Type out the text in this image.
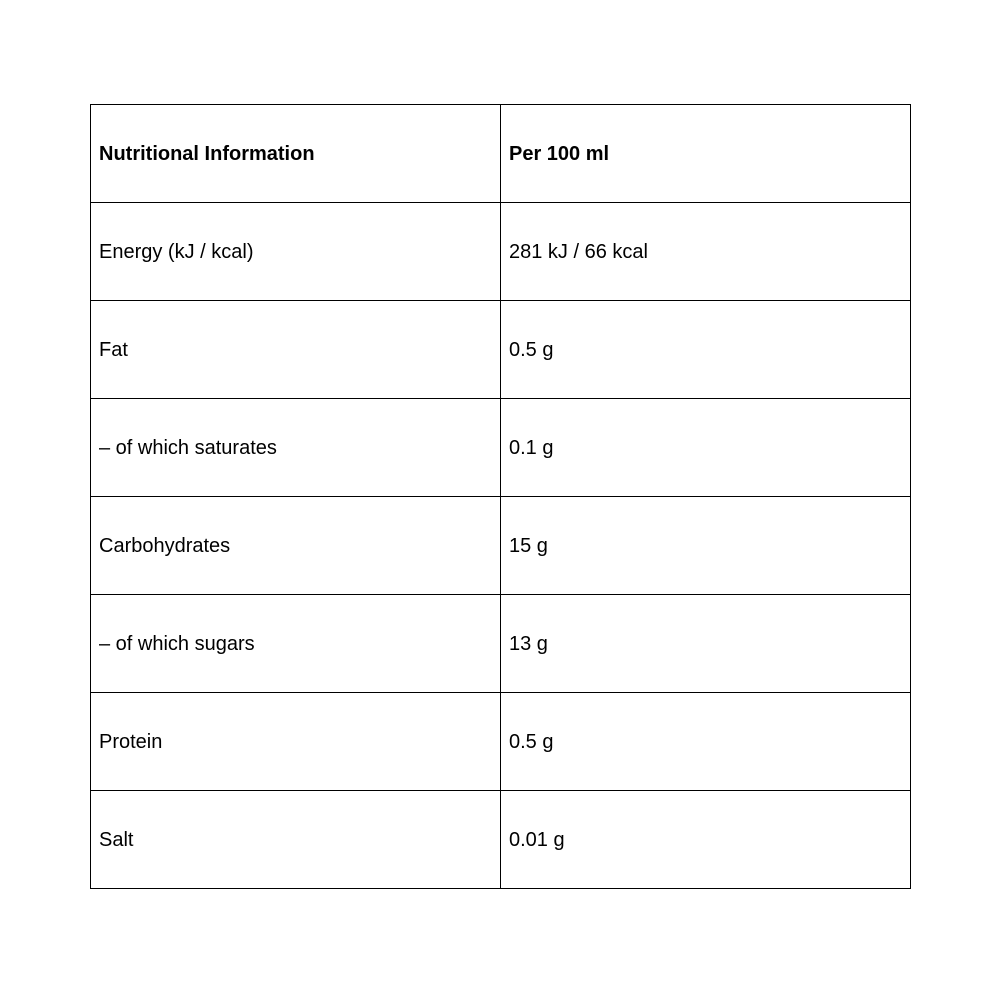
Nutritional Information	Per 100 ml
Energy (kJ / kcal)	281 kJ / 66 kcal
Fat	0.5 g
– of which saturates	0.1 g
Carbohydrates	15 g
– of which sugars	13 g
Protein	0.5 g
Salt	0.01 g
